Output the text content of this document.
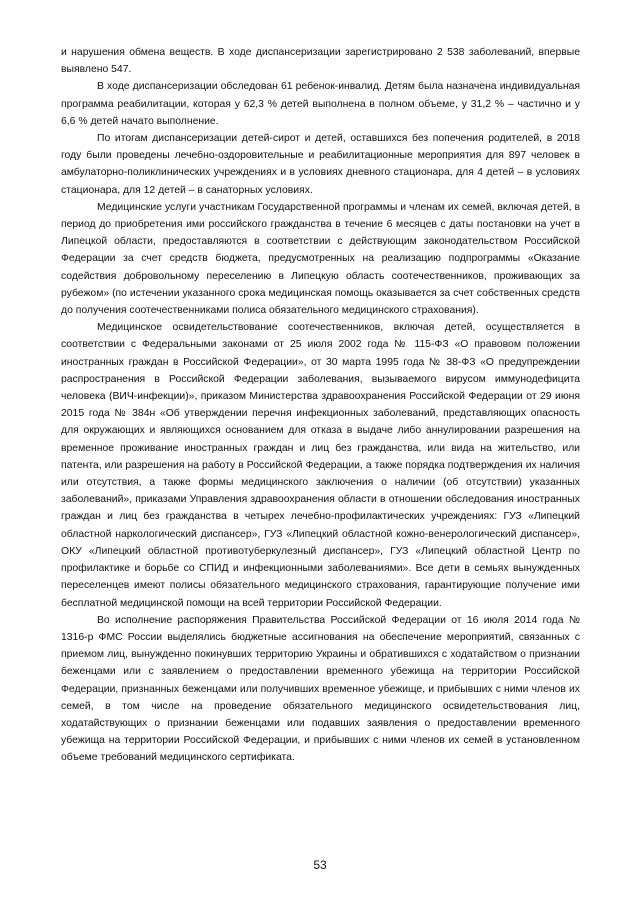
и нарушения обмена веществ. В ходе диспансеризации зарегистрировано 2 538 заболеваний, впервые выявлено 547.

В ходе диспансеризации обследован 61 ребенок-инвалид. Детям была назначена индивидуальная программа реабилитации, которая у 62,3 % детей выполнена в полном объеме, у 31,2 % – частично и у 6,6 % детей начато выполнение.

По итогам диспансеризации детей-сирот и детей, оставшихся без попечения родителей, в 2018 году были проведены лечебно-оздоровительные и реабилитационные мероприятия для 897 человек в амбулаторно-поликлинических учреждениях и в условиях дневного стационара, для 4 детей – в условиях стационара, для 12 детей – в санаторных условиях.

Медицинские услуги участникам Государственной программы и членам их семей, включая детей, в период до приобретения ими российского гражданства в течение 6 месяцев с даты постановки на учет в Липецкой области, предоставляются в соответствии с действующим законодательством Российской Федерации за счет средств бюджета, предусмотренных на реализацию подпрограммы «Оказание содействия добровольному переселению в Липецкую область соотечественников, проживающих за рубежом» (по истечении указанного срока медицинская помощь оказывается за счет собственных средств до получения соотечественниками полиса обязательного медицинского страхования).

Медицинское освидетельствование соотечественников, включая детей, осуществляется в соответствии с Федеральными законами от 25 июля 2002 года № 115-ФЗ «О правовом положении иностранных граждан в Российской Федерации», от 30 марта 1995 года № 38-ФЗ «О предупреждении распространения в Российской Федерации заболевания, вызываемого вирусом иммунодефицита человека (ВИЧ-инфекции)», приказом Министерства здравоохранения Российской Федерации от 29 июня 2015 года № 384н «Об утверждении перечня инфекционных заболеваний, представляющих опасность для окружающих и являющихся основанием для отказа в выдаче либо аннулировании разрешения на временное проживание иностранных граждан и лиц без гражданства, или вида на жительство, или патента, или разрешения на работу в Российской Федерации, а также порядка подтверждения их наличия или отсутствия, а также формы медицинского заключения о наличии (об отсутствии) указанных заболеваний», приказами Управления здравоохранения области в отношении обследования иностранных граждан и лиц без гражданства в четырех лечебно-профилактических учреждениях: ГУЗ «Липецкий областной наркологический диспансер», ГУЗ «Липецкий областной кожно-венерологический диспансер», ОКУ «Липецкий областной противотуберкулезный диспансер», ГУЗ «Липецкий областной Центр по профилактике и борьбе со СПИД и инфекционными заболеваниями». Все дети в семьях вынужденных переселенцев имеют полисы обязательного медицинского страхования, гарантирующие получение ими бесплатной медицинской помощи на всей территории Российской Федерации.

Во исполнение распоряжения Правительства Российской Федерации от 16 июля 2014 года № 1316-р ФМС России выделялись бюджетные ассигнования на обеспечение мероприятий, связанных с приемом лиц, вынужденно покинувших территорию Украины и обратившихся с ходатайством о признании беженцами или с заявлением о предоставлении временного убежища на территории Российской Федерации, признанных беженцами или получивших временное убежище, и прибывших с ними членов их семей, в том числе на проведение обязательного медицинского освидетельствования лиц, ходатайствующих о признании беженцами или подавших заявления о предоставлении временного убежища на территории Российской Федерации, и прибывших с ними членов их семей в установленном объеме требований медицинского сертификата.

53
